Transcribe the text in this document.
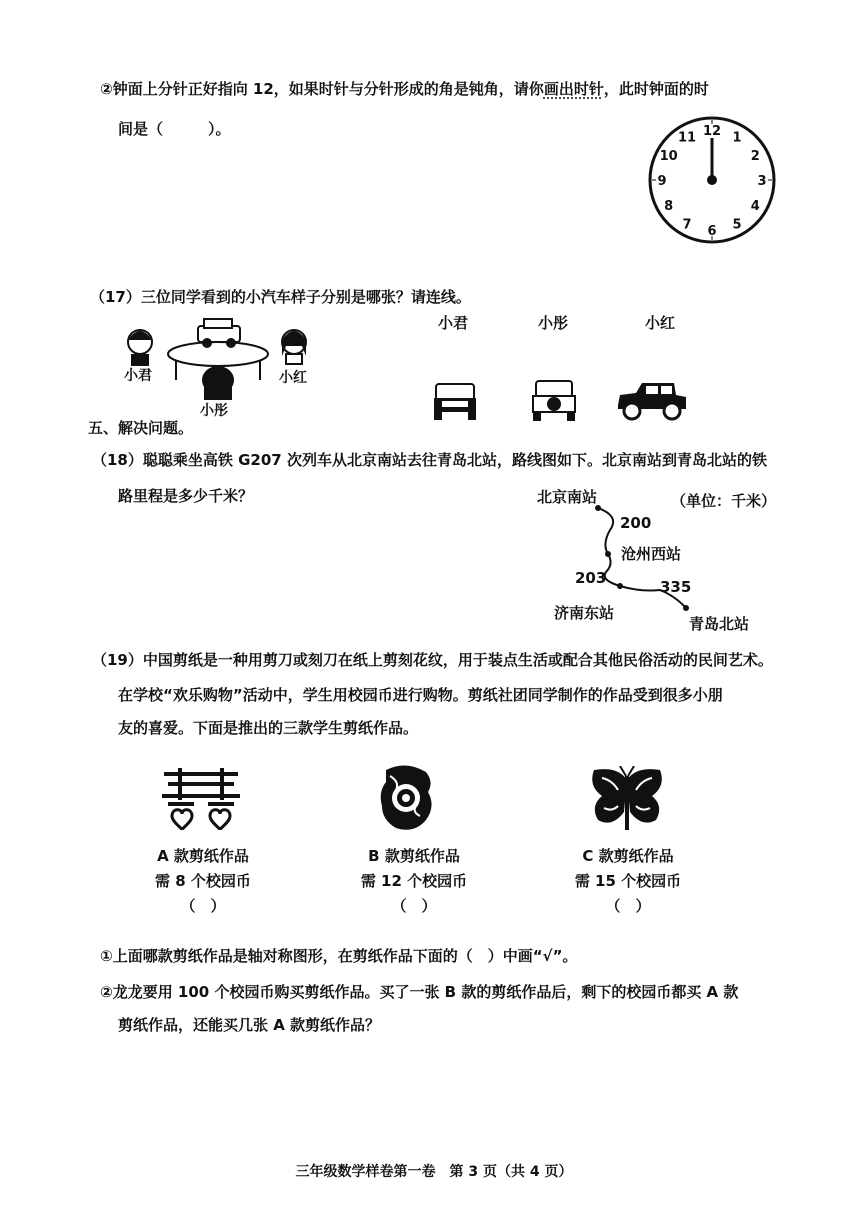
②钟面上分针正好指向 12，如果时针与分针形成的角是钝角，请你画出时针，此时钟面的时
间是（　　　）。	12 1
2
3
4
5
6
7
8
9
10
11
（17）三位同学看到的小汽车样子分别是哪张？请连线。
小君	小红
小彤
小君	小彤	小红
五、解决问题。
（18）聪聪乘坐高铁 G207 次列车从北京南站去往青岛北站，路线图如下。北京南站到青岛北站的铁
路里程是多少千米？	北京南站	（单位：千米）
200
沧州西站
203	335
济南东站
青岛北站
（19）中国剪纸是一种用剪刀或刻刀在纸上剪刻花纹，用于装点生活或配合其他民俗活动的民间艺术。
在学校“欢乐购物”活动中，学生用校园币进行购物。剪纸社团同学制作的作品受到很多小朋
友的喜爱。下面是推出的三款学生剪纸作品。
A 款剪纸作品
需 8 个校园币
（　）
B 款剪纸作品
需 12 个校园币
（　）
C 款剪纸作品
需 15 个校园币
（　）
①上面哪款剪纸作品是轴对称图形，在剪纸作品下面的（　）中画“√”。
②龙龙要用 100 个校园币购买剪纸作品。买了一张 B 款的剪纸作品后，剩下的校园币都买 A 款
剪纸作品，还能买几张 A 款剪纸作品？
三年级数学样卷第一卷　第 3 页（共 4 页）
